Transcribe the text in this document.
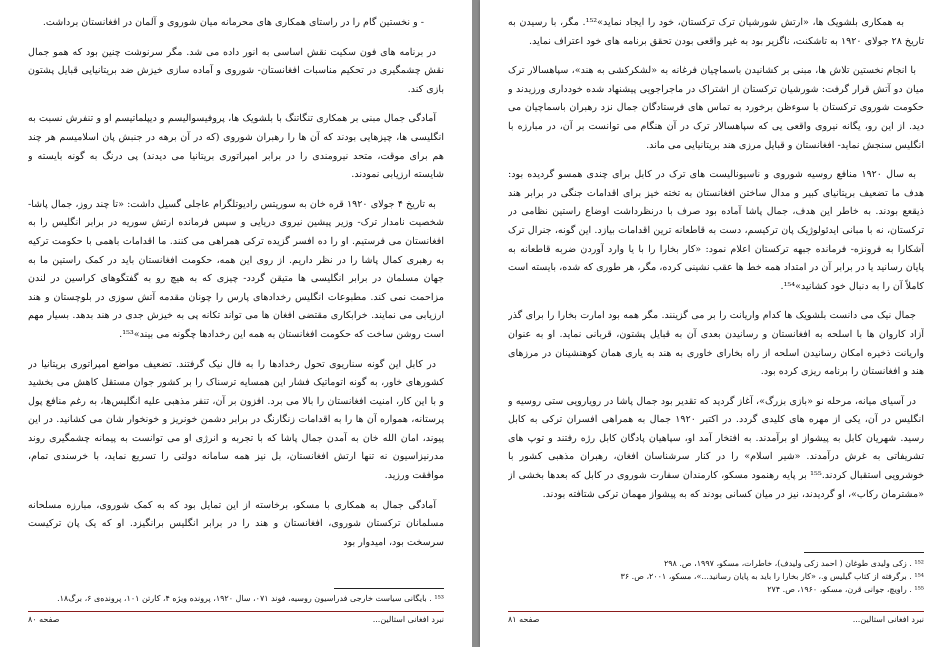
- و نخستین گام را در راستای همکاری های محرمانه میان شوروی و آلمان در افغانستان برداشت.

در برنامه های فون سکیت نقش اساسی به انور داده می شد. مگر سرنوشت چنین بود که همو جمال نقش چشمگیری در تحکیم مناسبات افغانستان- شوروی و آماده سازی خیزش ضد بریتانیایی قبایل پشتون بازی کند.

آمادگی جمال مبنی بر همکاری تنگاتنگ با بلشویک ها، پروفیسوالیسم و دیپلماتیسم او و تنفرش نسبت به انگلیسی ها، چیزهایی بودند که آن ها را رهبران شوروی (که در آن برهه در جنبش پان اسلامیسم هر چند هم برای موقت، متحد نیرومندی را در برابر امپراتوری بریتانیا می دیدند) پی درنگ به گونه بایسته و شایسته ارزیابی نمودند.

به تاریخ ۴ جولای ۱۹۲۰ قره خان به سوریتس رادیوتلگرام عاجلی گسیل داشت: «تا چند روز، جمال پاشا- شخصیت نامدار ترک- وزیر پیشین نیروی دریایی و سپس فرمانده ارتش سوریه در برابر انگلیس را به افغانستان می فرستیم. او را ده افسر گزیده ترکی همراهی می کنند. ما اقدامات باهمی با حکومت ترکیه به رهبری کمال پاشا را در نظر داریم. از روی این همه، حکومت افغانستان باید در کمک راستین ما به جهان مسلمان در برابر انگلیسی ها متیقن گردد- چیزی که به هیچ رو به گفتگوهای کراسین در لندن مزاحمت نمی کند. مطبوعات انگلیس رخدادهای پارس را چونان مقدمه آتش سوزی در بلوچستان و هند ارزیابی می نمایند. خرابکاری مقتضی افغان ها می تواند تکانه پی به خیزش جدی در هند بدهد. بسیار مهم است روشن ساخت که حکومت افغانستان به همه این رخدادها چگونه می بیند»¹⁵³.

در کابل این گونه سناریوی تحول رخدادها را به فال نیک گرفتند. تضعیف مواضع امپراتوری بریتانیا در کشورهای خاور، به گونه اتوماتیک فشار این همسایه ترسناک را بر کشور جوان مستقل کاهش می بخشید و با این کار، امنیت افغانستان را بالا می برد. افزون بر آن، تنفر مذهبی علیه انگلیس‌ها، به رغم منافع پول پرستانه، همواره آن ها را به اقدامات زنگارنگ در برابر دشمن خونریز و خونخوار شان می کشانید. در این پیوند، امان الله خان به آمدن جمال پاشا که با تجربه و انرژی او می توانست به پیمانه چشمگیری روند مدرنیزاسیون نه تنها ارتش افغانستان، بل نیز همه سامانه دولتی را تسریع نماید، با خرسندی تمام، موافقت ورزید.

آمادگی جمال به همکاری با مسکو، برخاسته از این تمایل بود که به کمک شوروی، مبارزه مسلحانه مسلمانان ترکستان شوروی، افغانستان و هند را در برابر انگلیس برانگیزد. او که یک پان ترکیست سرسخت بود، امیدوار بود

¹⁵³ . بایگانی سیاست خارجی فدراسیون روسیه، فوند ۰۷۱، سال ۱۹۲۰، پرونده ویژه ۴، کارتن ۱۰۱، پرونده‌ی ۶، برگ۱۸.
نبرد افغانی استالین...
صفحه ۸۰

به همکاری بلشویک ها، «ارتش شورشیان ترک ترکستان، خود را ایجاد نماید»¹⁵². مگر، با رسیدن به تاریخ ۲۸ جولای ۱۹۲۰ به تاشکنت، ناگزیر بود به غیر واقعی بودن تحقق برنامه های خود اعتراف نماید.

با انجام نخستین تلاش ها، مبنی بر کشانیدن باسماچیان فرغانه به «لشکرکشی به هند»، سپاهسالار ترک میان دو آتش قرار گرفت: شورشیان ترکستان از اشتراک در ماجراجویی پیشنهاد شده خودداری ورزیدند و حکومت شوروی ترکستان با سوءظن برخورد به تماس های فرستادگان جمال نزد رهبران باسماچیان می دید. از این رو، یگانه نیروی واقعی یی که سپاهسالار ترک در آن هنگام می توانست بر آن، در مبارزه با انگلیس سنجش نماید- افغانستان و قبایل مرزی هند بریتانیایی می ماند.

به سال ۱۹۲۰ منافع روسیه شوروی و ناسیونالیست های ترک در کابل برای چندی همسو گردیده بود: هدف ما تضعیف بریتانیای کبیر و مدال ساختن افغانستان به تخته خیز برای اقدامات جنگی در برابر هند ذیقعع بودند. به خاطر این هدف، جمال پاشا آماده بود صرف با درنظرداشت اوضاع راستین نظامی در ترکستان، نه با مبانی ایدئولوژیک پان ترکیسم، دست به قاطعانه ترین اقدامات بیازد. این گونه، جنرال ترک آشکارا به فرونزه- فرمانده جبهه ترکستان اعلام نمود: «کار بخارا را با یا وارد آوردن ضربه قاطعانه به پایان رسانید یا در برابر آن در امتداد همه خط ها عقب نشینی کرده، مگر، هر طوری که شده، بایسته است کاملاً آن را به دنبال خود کشانید»¹⁵⁴.

جمال نیک می دانست بلشویک ها کدام واریانت را بر می گزینند. مگر همه بود امارت بخارا را برای گذر آزاد کاروان ها با اسلحه به افغانستان و رسانیدن بعدی آن به قبایل پشتون، قربانی نماید. او به عنوان واریانت ذخیره امکان رسانیدن اسلحه از راه بخارای خاوری به هند به یاری همان کوهنشینان در مرزهای هند و افغانستان را برنامه ریزی کرده بود.

در آسیای میانه، مرحله نو «بازی بزرگ»، آغاز گردید که تقدیر بود جمال پاشا در رویارویی ستی روسیه و انگلیس در آن، یکی از مهره های کلیدی گردد. در اکتبر ۱۹۲۰ جمال به همراهی افسران ترکی به کابل رسید. شهریان کابل به پیشواز او برآمدند. به افتخار آمد او، سپاهیان پادگان کابل رژه رفتند و توپ های تشریفاتی به غرش درآمدند. «شیر اسلام» را در کنار سرشناسان افغان، رهبران مذهبی کشور با خوشرویی استقبال کردند.¹⁵⁵ بر پایه رهنمود مسکو، کارمندان سفارت شوروی در کابل که بعدها بخشی از «مشترمان رکاب»، او گردیدند، نیز در میان کسانی بودند که به پیشواز مهمان ترکی شتافته بودند.

¹⁵² . زکی ولیدی طوغان ( احمد زکی ولیدف)، خاطرات، مسکو، ۱۹۹۷، ص. ۲۹۸
¹⁵⁴ . برگرفته از کتاب گیلیس و.، «کار بخارا را باید به پایان رسانید...»، مسکو، ۲۰۰۱، ص. ۳۶
¹⁵⁵ . راویچ، جوانی قرن، مسکو، ۱۹۶۰، ص. ۲۷۴
نبرد افغانی استالین...
صفحه ۸۱
